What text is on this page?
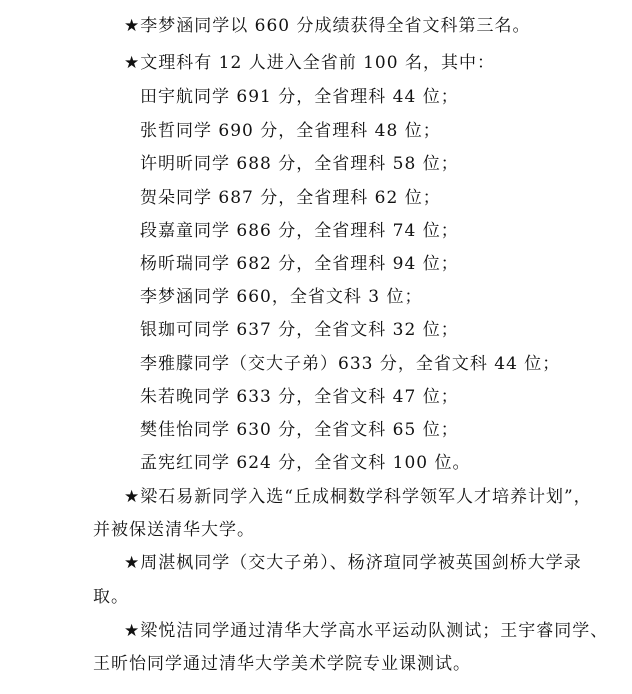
★李梦涵同学以 660 分成绩获得全省文科第三名。
★文理科有 12 人进入全省前 100 名，其中：
田宇航同学 691 分，全省理科 44 位；
张哲同学 690 分，全省理科 48 位；
许明昕同学 688 分，全省理科 58 位；
贺朵同学 687 分，全省理科 62 位；
段嘉童同学 686 分，全省理科 74 位；
杨昕瑞同学 682 分，全省理科 94 位；
李梦涵同学 660，全省文科 3 位；
银珈可同学 637 分，全省文科 32 位；
李雅朦同学（交大子弟）633 分，全省文科 44 位；
朱若晚同学 633 分，全省文科 47 位；
樊佳怡同学 630 分，全省文科 65 位；
孟宪红同学 624 分，全省文科 100 位。
★梁石易新同学入选“丘成桐数学科学领军人才培养计划”，
并被保送清华大学。
★周湛枫同学（交大子弟）、杨济瑄同学被英国剑桥大学录
取。
★梁悦洁同学通过清华大学高水平运动队测试；王宇睿同学、
王昕怡同学通过清华大学美术学院专业课测试。
